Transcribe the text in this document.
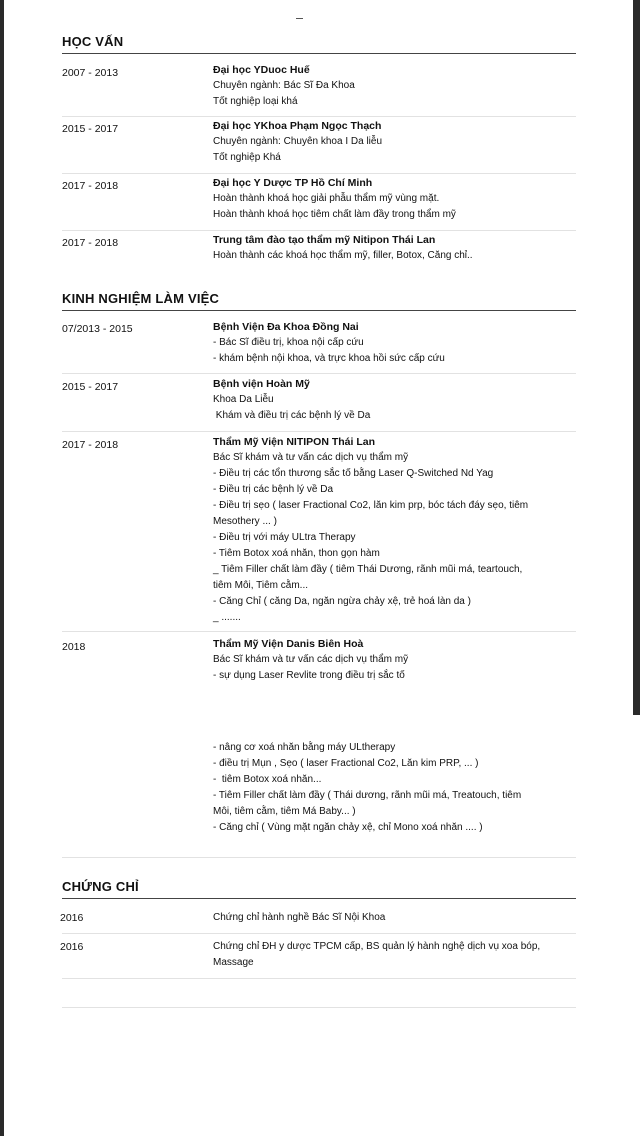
HỌC VẤN
2007 - 2013	Đại học YDuoc Huế
Chuyên ngành: Bác Sĩ Đa Khoa
Tốt nghiệp loại khá
2015 - 2017	Đại học YKhoa Phạm Ngọc Thạch
Chuyên ngành: Chuyên khoa I Da liễu
Tốt nghiệp Khá
2017 - 2018	Đại học Y Dược TP Hồ Chí Minh
Hoàn thành khoá học giải phẫu thẩm mỹ vùng mặt.
Hoàn thành khoá học tiêm chất làm đầy trong thẩm mỹ
2017 - 2018	Trung tâm đào tạo thẩm mỹ Nitipon Thái Lan
Hoàn thành các khoá học thẩm mỹ, filler, Botox, Căng chỉ..
KINH NGHIỆM LÀM VIỆC
07/2013 - 2015	Bệnh Viện Đa Khoa Đồng Nai
- Bác Sĩ điều trị, khoa nội cấp cứu
- khám bệnh nội khoa, và trực khoa hồi sức cấp cứu
2015 - 2017	Bệnh viện Hoàn Mỹ
Khoa Da Liễu
Khám và điều trị các bệnh lý về Da
2017 - 2018	Thẩm Mỹ Viện NITIPON Thái Lan
Bác Sĩ khám và tư vấn các dịch vụ thẩm mỹ
- Điều trị các tổn thương sắc tố bằng Laser Q-Switched Nd Yag
- Điều trị các bệnh lý về Da
- Điều trị sẹo ( laser Fractional Co2, lăn kim prp, bóc tách đáy sẹo, tiêm
Mesothery ... )
- Điều trị với máy ULtra Therapy
- Tiêm Botox xoá nhăn, thon gọn hàm
_ Tiêm Filler chất làm đầy ( tiêm Thái Dương, rãnh mũi má, teartouch,
tiêm Môi, Tiêm cằm...
- Căng Chỉ ( căng Da, ngăn ngừa chảy xệ, trẻ hoá làn da )
_ .......
2018	Thẩm Mỹ Viện Danis Biên Hoà
Bác Sĩ khám và tư vấn các dịch vụ thẩm mỹ
- sự dụng Laser Revlite trong điều trị sắc tố
- nâng cơ xoá nhăn bằng máy ULtherapy
- điều trị Mụn , Sẹo ( laser Fractional Co2, Lăn kim PRP, ... )
-  tiêm Botox xoá nhăn...
- Tiêm Filler chất làm đầy ( Thái dương, rãnh mũi má, Treatouch, tiêm
Môi, tiêm cằm, tiêm Má Baby... )
- Căng chỉ ( Vùng mặt ngăn chảy xệ, chỉ Mono xoá nhăn .... )
CHỨNG CHỈ
2016	Chứng chỉ hành nghề Bác Sĩ Nội Khoa
2016	Chứng chỉ ĐH y dược TPCM cấp, BS quản lý hành nghệ dịch vụ xoa bóp, Massage
